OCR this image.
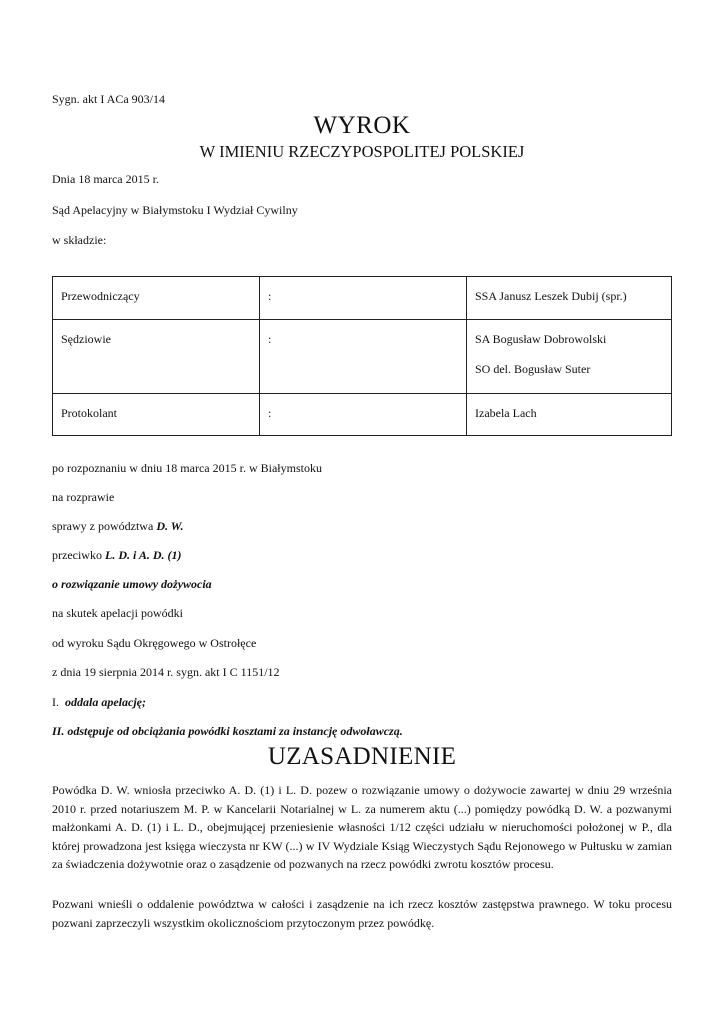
Sygn. akt I ACa 903/14
WYROK
W IMIENIU RZECZYPOSPOLITEJ POLSKIEJ
Dnia 18 marca 2015 r.
Sąd Apelacyjny w Białymstoku I Wydział Cywilny
w składzie:
Przewodniczący	:	SSA Janusz Leszek Dubij (spr.)
Sędziowie	:	SA Bogusław Dobrowolski
SO del. Bogusław Suter

Protokolant	:	Izabela Lach
po rozpoznaniu w dniu 18 marca 2015 r. w Białymstoku
na rozprawie
sprawy z powództwa D. W.
przeciwko L. D. i A. D. (1)
o rozwiązanie umowy dożywocia
na skutek apelacji powódki
od wyroku Sądu Okręgowego w Ostrołęce
z dnia 19 sierpnia 2014 r. sygn. akt I C 1151/12
I. oddala apelację;
II. odstępuje od obciążania powódki kosztami za instancję odwoławczą.
UZASADNIENIE
Powódka D. W. wniosła przeciwko A. D. (1) i L. D. pozew o rozwiązanie umowy o dożywocie zawartej w dniu 29 września 2010 r. przed notariuszem M. P. w Kancelarii Notarialnej w L. za numerem aktu (...) pomiędzy powódką D. W. a pozwanymi małżonkami A. D. (1) i L. D., obejmującej przeniesienie własności 1/12 części udziału w nieruchomości położonej w P., dla której prowadzona jest księga wieczysta nr KW (...) w IV Wydziale Ksiąg Wieczystych Sądu Rejonowego w Pułtusku w zamian za świadczenia dożywotnie oraz o zasądzenie od pozwanych na rzecz powódki zwrotu kosztów procesu.
Pozwani wnieśli o oddalenie powództwa w całości i zasądzenie na ich rzecz kosztów zastępstwa prawnego. W toku procesu pozwani zaprzeczyli wszystkim okolicznościom przytoczonym przez powódkę.
